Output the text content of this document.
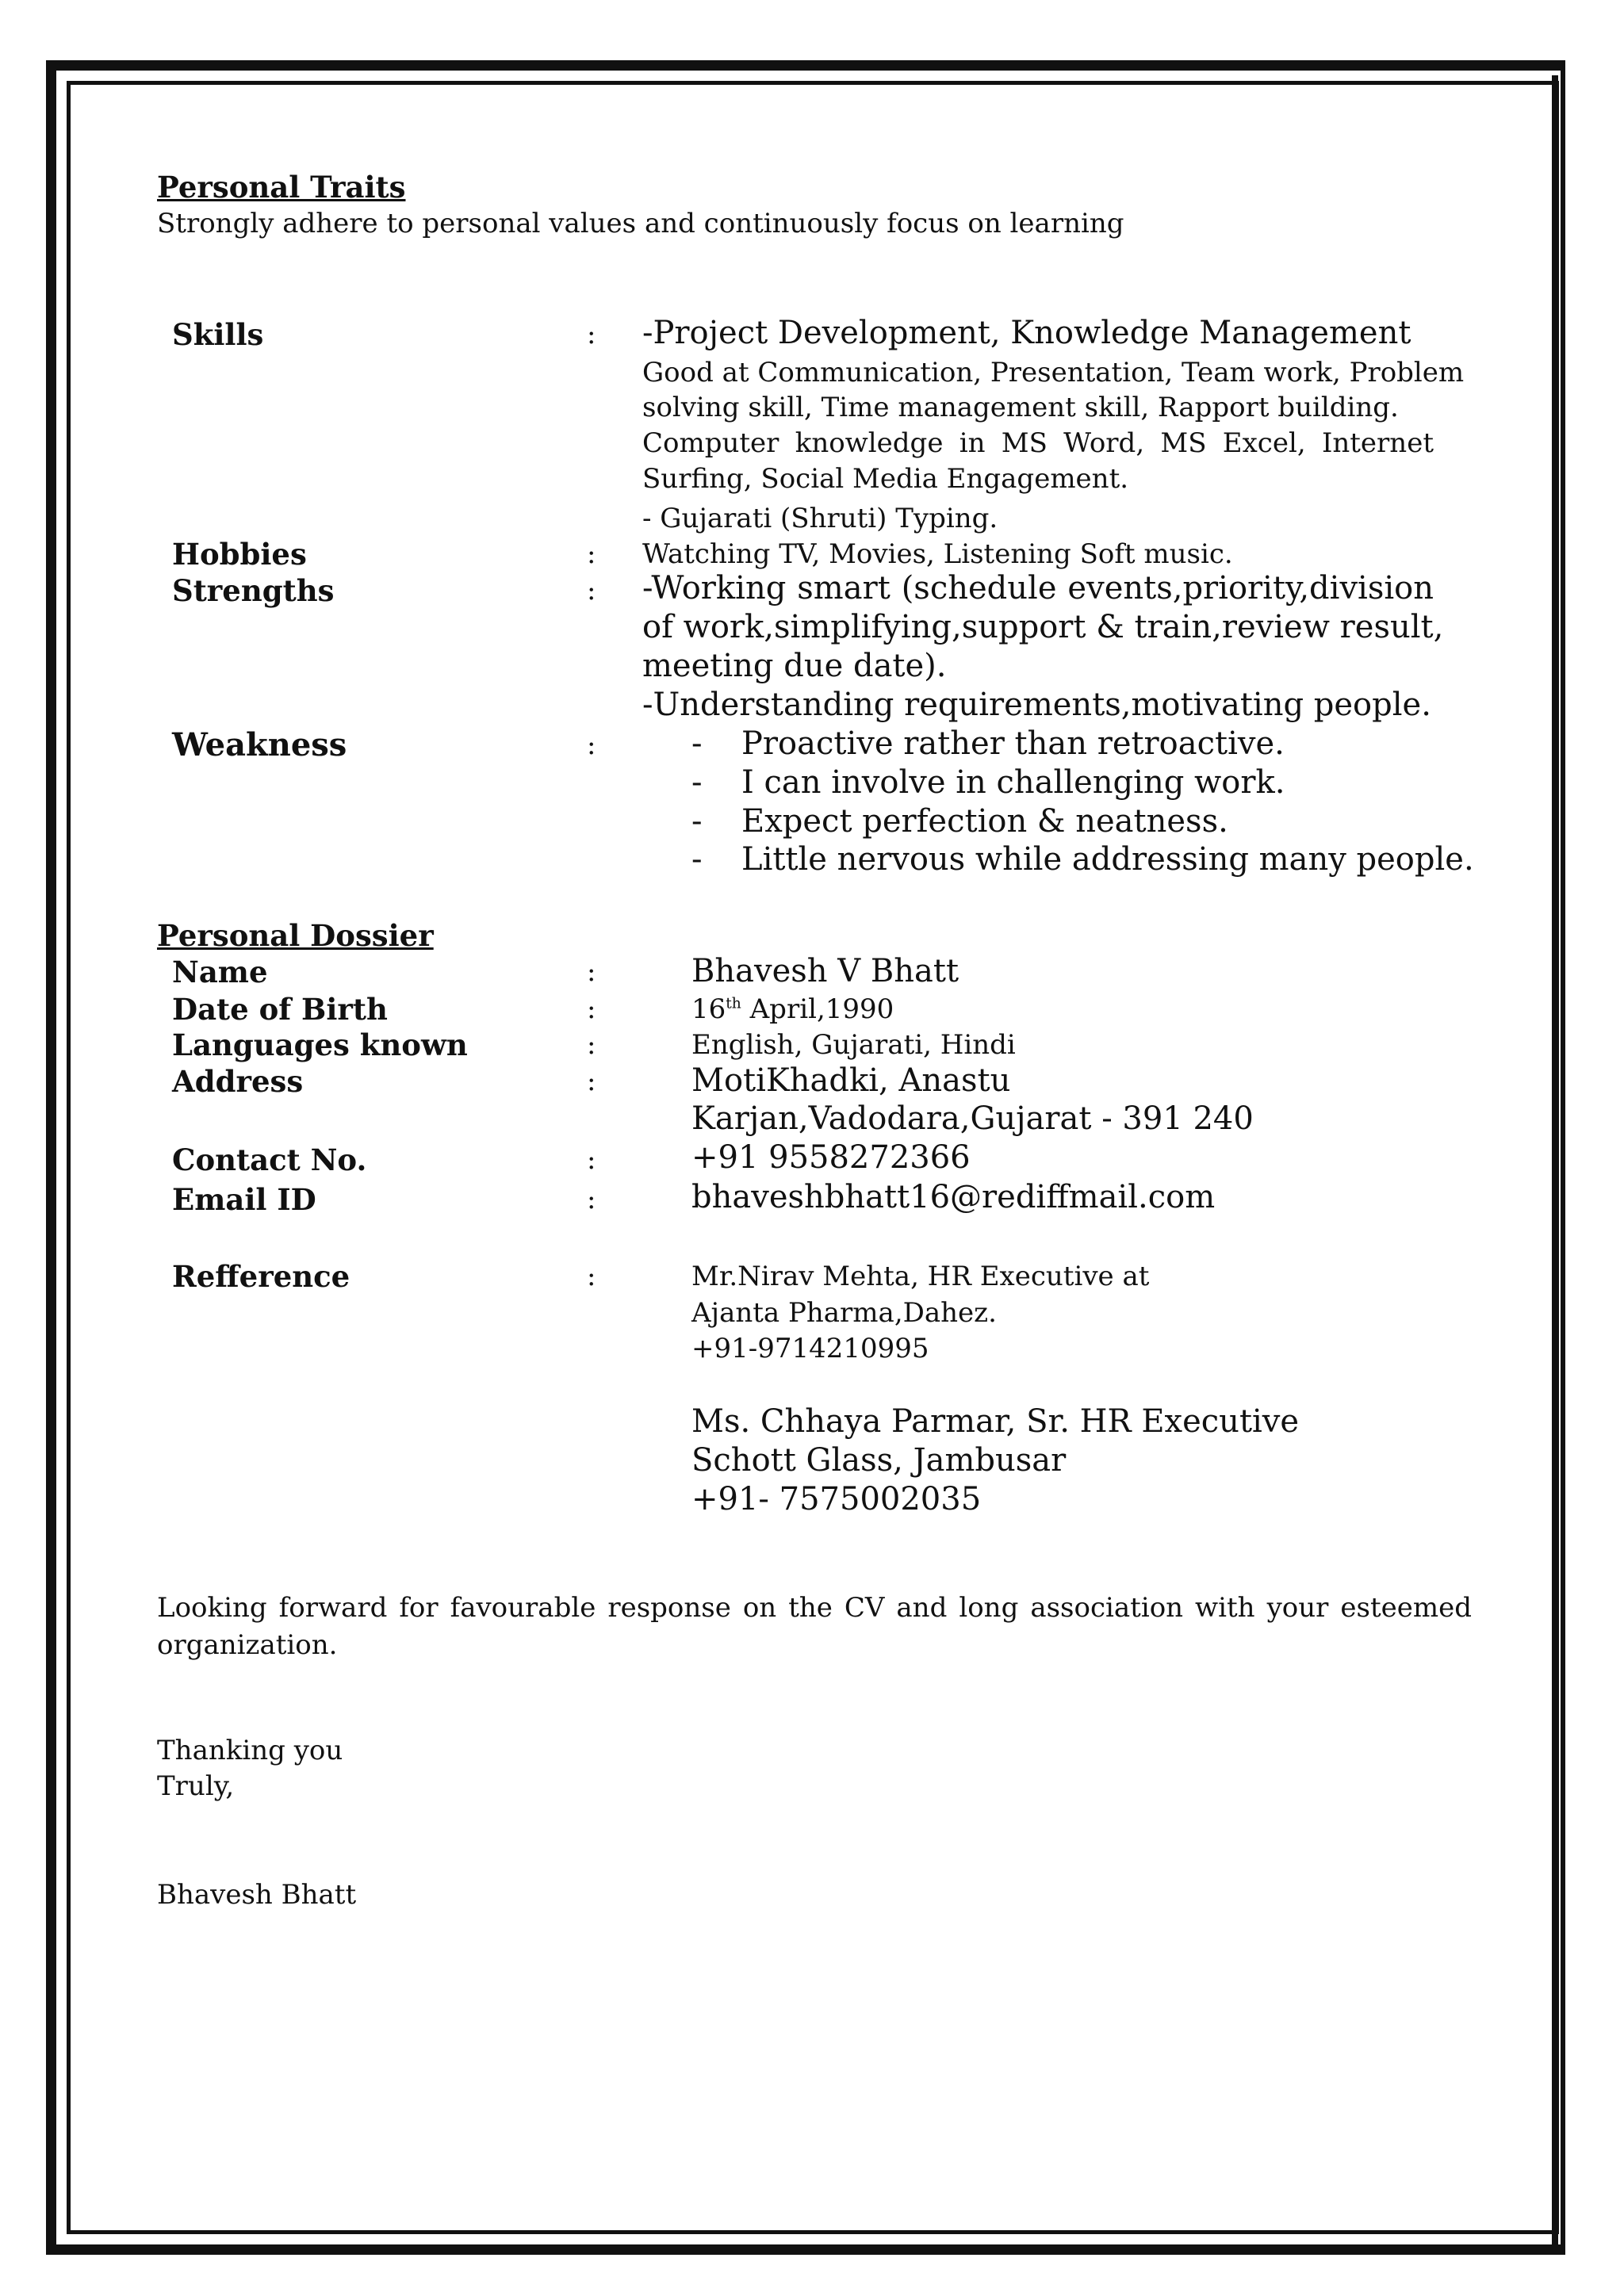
Personal Traits
Strongly adhere to personal values and continuously focus on learning
Skills	: -Project Development, Knowledge Management
Good at Communication, Presentation, Team work, Problem
solving skill, Time management skill, Rapport building.
Computer knowledge in MS Word, MS Excel, Internet
Surfing, Social Media Engagement.
- Gujarati (Shruti) Typing.
Hobbies	: Watching TV, Movies, Listening Soft music.
Strengths	: -Working smart (schedule events,priority,division
of work,simplifying,support & train,review result,
meeting due date).
-Understanding requirements,motivating people.
Weakness	:	- Proactive rather than retroactive.
- I can involve in challenging work.
- Expect perfection & neatness.
- Little nervous while addressing many people.
Personal Dossier
Name	:	Bhavesh V Bhatt
Date of Birth	:	16th April,1990
Languages known	:	English, Gujarati, Hindi
Address	:	MotiKhadki, Anastu
Karjan,Vadodara,Gujarat - 391 240
Contact No.	:	+91 9558272366
Email ID	:	bhaveshbhatt16@rediffmail.com
Refference	:	Mr.Nirav Mehta, HR Executive at
Ajanta Pharma,Dahez.
+91-9714210995
Ms. Chhaya Parmar, Sr. HR Executive
Schott Glass, Jambusar
+91- 7575002035
Looking forward for favourable response on the CV and long association with your esteemed
organization.
Thanking you
Truly,
Bhavesh Bhatt
